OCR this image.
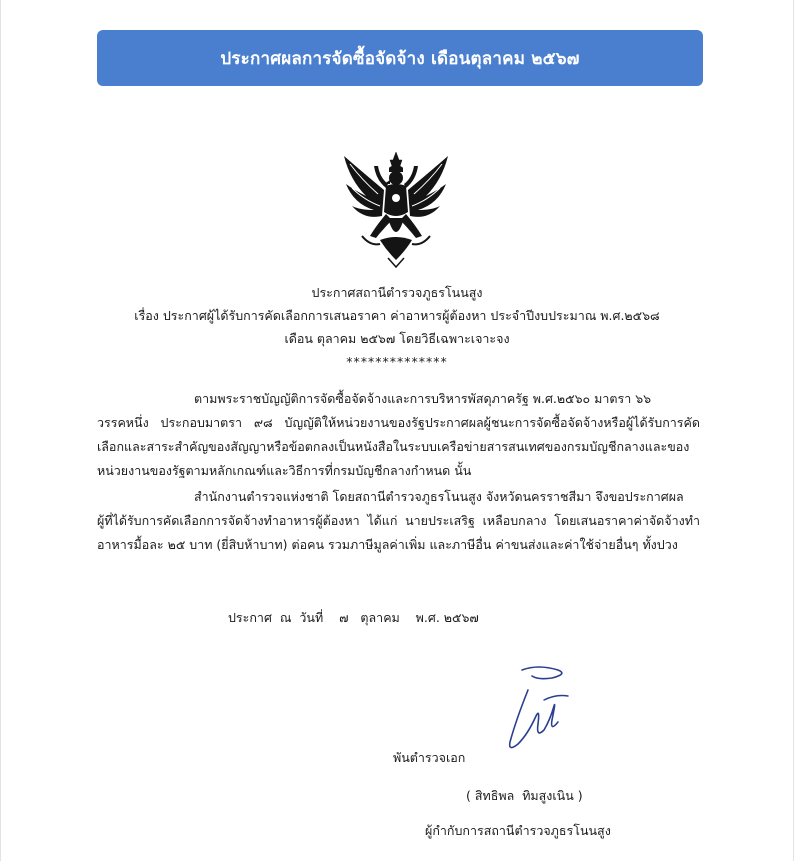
ประกาศผลการจัดซื้อจัดจ้าง เดือนตุลาคม ๒๕๖๗
ประกาศสถานีตำรวจภูธรโนนสูง
เรื่อง ประกาศผู้ได้รับการคัดเลือกการเสนอราคา ค่าอาหารผู้ต้องหา ประจำปีงบประมาณ พ.ศ.๒๕๖๘
เดือน ตุลาคม ๒๕๖๗ โดยวิธีเฉพาะเจาะจง
**************
ตามพระราชบัญญัติการจัดซื้อจัดจ้างและการบริหารพัสดุภาครัฐ พ.ศ.๒๕๖๐ มาตรา ๖๖
วรรคหนึ่ง ประกอบมาตรา ๙๘ บัญญัติให้หน่วยงานของรัฐประกาศผลผู้ชนะการจัดซื้อจัดจ้างหรือผู้ได้รับการคัดเลือกและสาระสำคัญของสัญญาหรือข้อตกลงเป็นหนังสือในระบบเครือข่ายสารสนเทศของกรมบัญชีกลางและของหน่วยงานของรัฐตามหลักเกณฑ์และวิธีการที่กรมบัญชีกลางกำหนด นั้น
สำนักงานตำรวจแห่งชาติ โดยสถานีตำรวจภูธรโนนสูง จังหวัดนครราชสีมา จึงขอประกาศผล
ผู้ที่ได้รับการคัดเลือกการจัดจ้างทำอาหารผู้ต้องหา ได้แก่ นายประเสริฐ เหลือบกลาง โดยเสนอราคาค่าจัดจ้างทำอาหารมื้อละ ๒๕ บาท (ยี่สิบห้าบาท) ต่อคน รวมภาษีมูลค่าเพิ่ม และภาษีอื่น ค่าขนส่งและค่าใช้จ่ายอื่นๆ ทั้งปวง
ประกาศ  ณ  วันที่    ๗   ตุลาคม    พ.ศ. ๒๕๖๗
พันตำรวจเอก
( สิทธิพล  ทิมสูงเนิน )
ผู้กำกับการสถานีตำรวจภูธรโนนสูง
